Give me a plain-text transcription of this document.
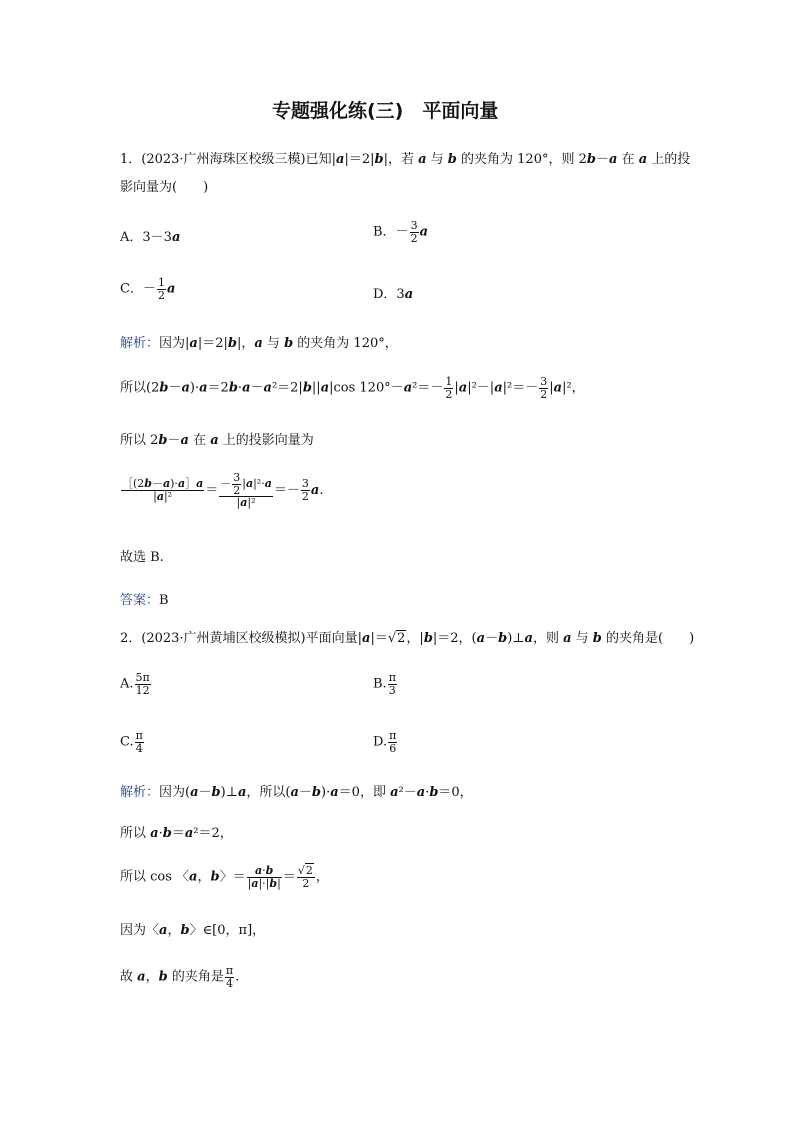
专题强化练(三)　平面向量
1．(2023·广州海珠区校级三模)已知|a|＝2|b|，若 a 与 b 的夹角为 120°，则 2b－a 在 a 上的投
影向量为(　　)
A．3－3a	B．－ $\frac{3}{2}$ a
C．－ $\frac{1}{2}$ a	D．3a
解析：因为|a|＝2|b|，a 与 b 的夹角为 120°，
所以(2b－a)·a＝2b·a－a²＝2|b||a|cos $120^\circ-a^2=- \frac{1}{2} |a|^2-|a|^2=- \frac{3}{2} |a|^2$，
所以 2b－a 在 a 上的投影向量为
$\frac{[(2b-a)\cdot a]a}{\text{|a|²}} = \frac{- \frac{3}{2} |a|^2\cdot a}{\text{|a|²}} =- \frac{3}{2} a$.
故选 B.
答案：B
2．(2023·广州黄埔区校级模拟)平面向量|a|＝√2，|b|＝2，(a－b)⊥a，则 a 与 b 的夹角是(　　)
A. $\frac{5\pi}{12}$	B. $\frac{\pi}{3}$
C. $\frac{\pi}{4}$	D. $\frac{\pi}{6}$
解析：因为(a－b)⊥a，所以(a－b)·a＝0，即 a²－a·b＝0，
所以 a·b＝a²＝2，
所以 cos 〈a，b〉＝ $\frac{a\cdot b}{|a|\cdot|b|} = \frac{√2}{2}$ ，
因为〈a，b〉∈[0，π]，
故 a，b 的夹角是 $\frac{\pi}{4}$ .
